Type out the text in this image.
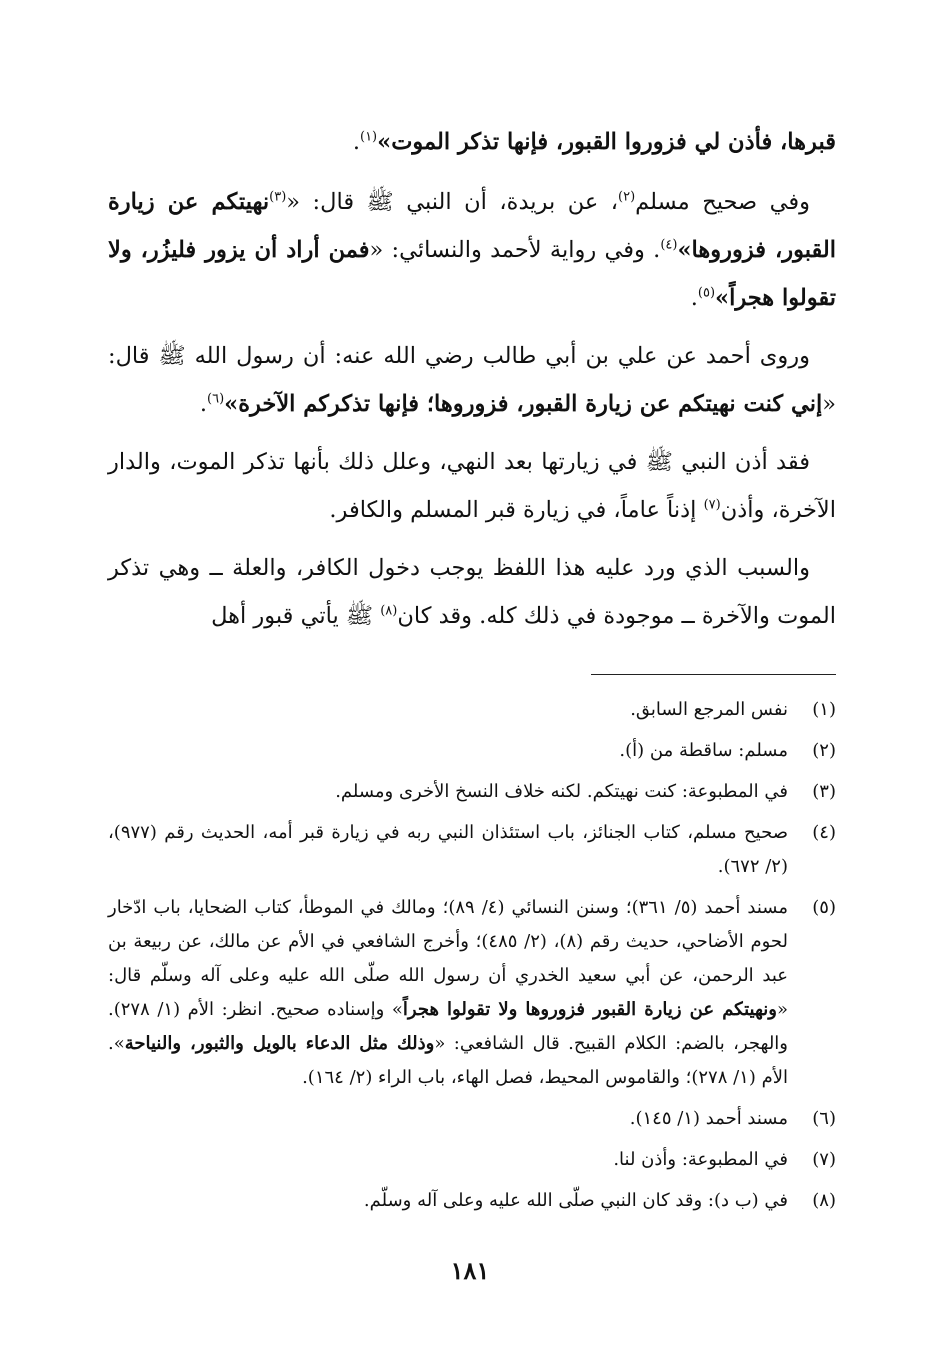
قبرها، فأذن لي فزوروا القبور، فإنها تذكر الموت»$^{(١)}$.

وفي صحيح مسلم$^{(٢)}$، عن بريدة، أن النبي ﷺ قال: «$^{(٣)}$نهيتكم عن زيارة القبور، فزوروها»$^{(٤)}$. وفي رواية لأحمد والنسائي: «فمن أراد أن يزور فليزُر، ولا تقولوا هجراً»$^{(٥)}$.

وروى أحمد عن علي بن أبي طالب رضي الله عنه: أن رسول الله ﷺ قال: «إني كنت نهيتكم عن زيارة القبور، فزوروها؛ فإنها تذكركم الآخرة»$^{(٦)}$.

فقد أذن النبي ﷺ في زيارتها بعد النهي، وعلل ذلك بأنها تذكر الموت، والدار الآخرة، وأذن$^{(٧)}$ إذناً عاماً، في زيارة قبر المسلم والكافر.

والسبب الذي ورد عليه هذا اللفظ يوجب دخول الكافر، والعلة ــ وهي تذكر الموت والآخرة ــ موجودة في ذلك كله. وقد كان$^{(٨)}$ ﷺ يأتي قبور أهل

(١)
نفس المرجع السابق.
(٢)
مسلم: ساقطة من (أ).
(٣)
في المطبوعة: كنت نهيتكم. لكنه خلاف النسخ الأخرى ومسلم.
(٤)
صحيح مسلم، كتاب الجنائز، باب استئذان النبي ربه في زيارة قبر أمه، الحديث رقم (٩٧٧)، (٢/ ٦٧٢).
(٥)
مسند أحمد (٥/ ٣٦١)؛ وسنن النسائي (٤/ ٨٩)؛ ومالك في الموطأ، كتاب الضحايا، باب ادّخار لحوم الأضاحي، حديث رقم (٨)، (٢/ ٤٨٥)؛ وأخرج الشافعي في الأم عن مالك، عن ربيعة بن عبد الرحمن، عن أبي سعيد الخدري أن رسول الله صلّى الله عليه وعلى آله وسلّم قال: «ونهيتكم عن زيارة القبور فزوروها ولا تقولوا هجراً» وإسناده صحيح. انظر: الأم (١/ ٢٧٨). والهجر، بالضم: الكلام القبيح. قال الشافعي: «وذلك مثل الدعاء بالويل والثبور، والنياحة». الأم (١/ ٢٧٨)؛ والقاموس المحيط، فصل الهاء، باب الراء (٢/ ١٦٤).
(٦)
مسند أحمد (١/ ١٤٥).
(٧)
في المطبوعة: وأذن لنا.
(٨)
في (ب د): وقد كان النبي صلّى الله عليه وعلى آله وسلّم.
١٨١
